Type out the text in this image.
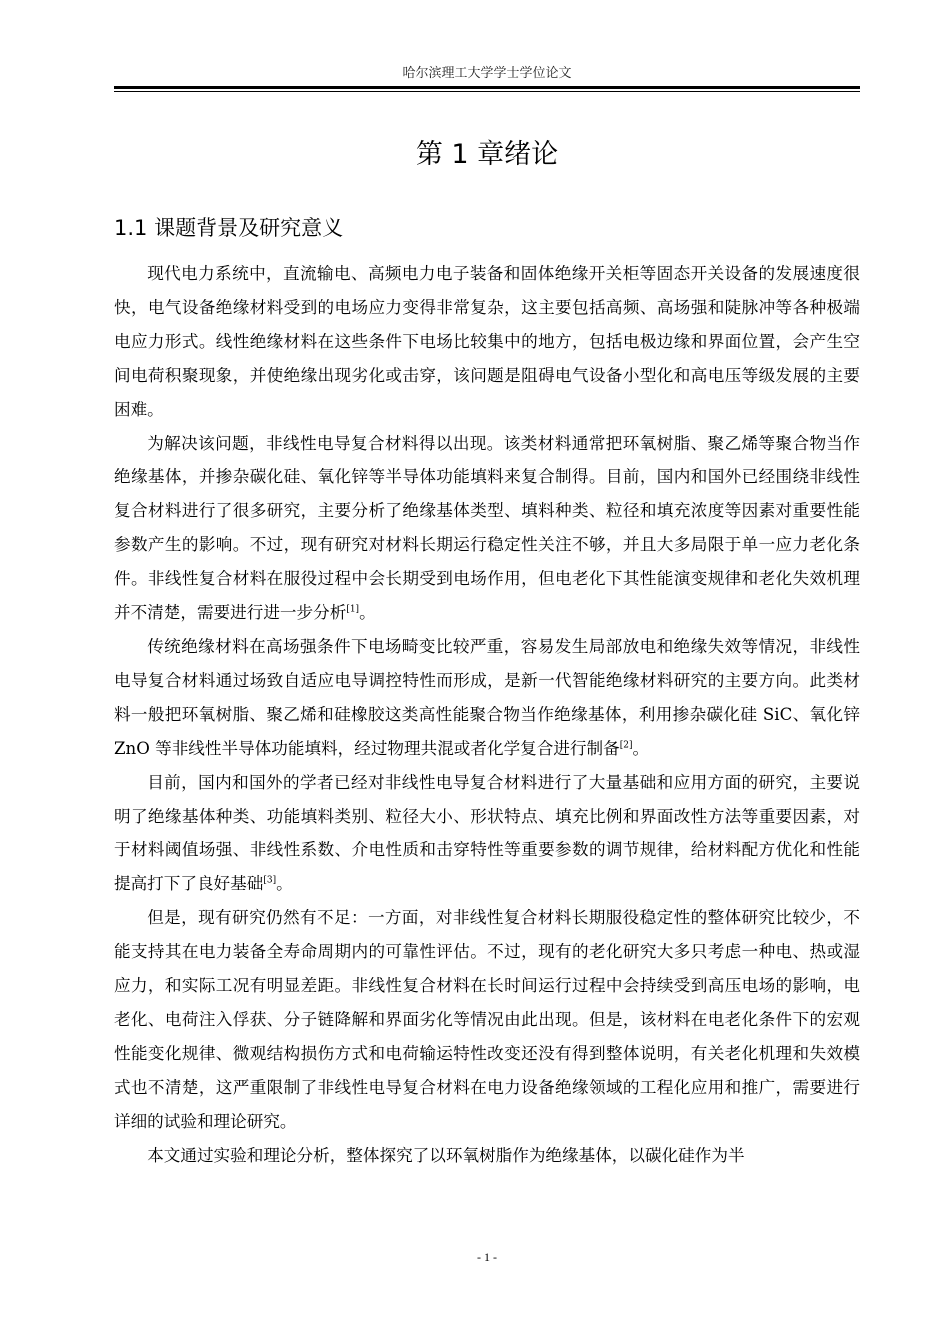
哈尔滨理工大学学士学位论文
第 1 章绪论
1.1 课题背景及研究意义

现代电力系统中，直流输电、高频电力电子装备和固体绝缘开关柜等固态开关设备的发展速度很快，电气设备绝缘材料受到的电场应力变得非常复杂，这主要包括高频、高场强和陡脉冲等各种极端电应力形式。线性绝缘材料在这些条件下电场比较集中的地方，包括电极边缘和界面位置，会产生空间电荷积聚现象，并使绝缘出现劣化或击穿，该问题是阻碍电气设备小型化和高电压等级发展的主要困难。

为解决该问题，非线性电导复合材料得以出现。该类材料通常把环氧树脂、聚乙烯等聚合物当作绝缘基体，并掺杂碳化硅、氧化锌等半导体功能填料来复合制得。目前，国内和国外已经围绕非线性复合材料进行了很多研究，主要分析了绝缘基体类型、填料种类、粒径和填充浓度等因素对重要性能参数产生的影响。不过，现有研究对材料长期运行稳定性关注不够，并且大多局限于单一应力老化条件。非线性复合材料在服役过程中会长期受到电场作用，但电老化下其性能演变规律和老化失效机理并不清楚，需要进行进一步分析[1]。

传统绝缘材料在高场强条件下电场畸变比较严重，容易发生局部放电和绝缘失效等情况，非线性电导复合材料通过场致自适应电导调控特性而形成，是新一代智能绝缘材料研究的主要方向。此类材料一般把环氧树脂、聚乙烯和硅橡胶这类高性能聚合物当作绝缘基体，利用掺杂碳化硅 SiC、氧化锌 ZnO 等非线性半导体功能填料，经过物理共混或者化学复合进行制备[2]。

目前，国内和国外的学者已经对非线性电导复合材料进行了大量基础和应用方面的研究，主要说明了绝缘基体种类、功能填料类别、粒径大小、形状特点、填充比例和界面改性方法等重要因素，对于材料阈值场强、非线性系数、介电性质和击穿特性等重要参数的调节规律，给材料配方优化和性能提高打下了良好基础[3]。

但是，现有研究仍然有不足：一方面，对非线性复合材料长期服役稳定性的整体研究比较少，不能支持其在电力装备全寿命周期内的可靠性评估。不过，现有的老化研究大多只考虑一种电、热或湿应力，和实际工况有明显差距。非线性复合材料在长时间运行过程中会持续受到高压电场的影响，电老化、电荷注入俘获、分子链降解和界面劣化等情况由此出现。但是，该材料在电老化条件下的宏观性能变化规律、微观结构损伤方式和电荷输运特性改变还没有得到整体说明，有关老化机理和失效模式也不清楚，这严重限制了非线性电导复合材料在电力设备绝缘领域的工程化应用和推广，需要进行详细的试验和理论研究。

本文通过实验和理论分析，整体探究了以环氧树脂作为绝缘基体，以碳化硅作为半

- 1 -
